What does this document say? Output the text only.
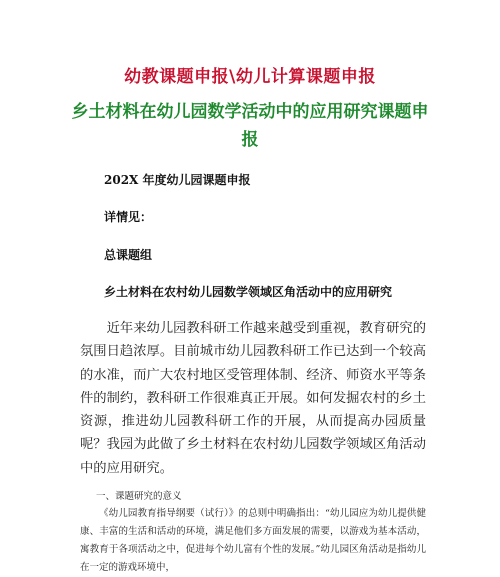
幼教课题申报\幼儿计算课题申报
乡土材料在幼儿园数学活动中的应用研究课题申报
202X 年度幼儿园课题申报
详情见：
总课题组
乡土材料在农村幼儿园数学领域区角活动中的应用研究
近年来幼儿园教科研工作越来越受到重视，教育研究的氛围日趋浓厚。目前城市幼儿园教科研工作已达到一个较高的水准，而广大农村地区受管理体制、经济、师资水平等条件的制约，教科研工作很难真正开展。如何发掘农村的乡土资源，推进幼儿园教科研工作的开展，从而提高办园质量呢？我园为此做了乡土材料在农村幼儿园数学领域区角活动中的应用研究。
一、课题研究的意义
《幼儿园教育指导纲要（试行）》的总则中明确指出：“幼儿园应为幼儿提供健康、丰富的生活和活动的环境，满足他们多方面发展的需要，以游戏为基本活动，寓教育于各项活动之中，促进每个幼儿富有个性的发展。”幼儿园区角活动是指幼儿在一定的游戏环境中，
